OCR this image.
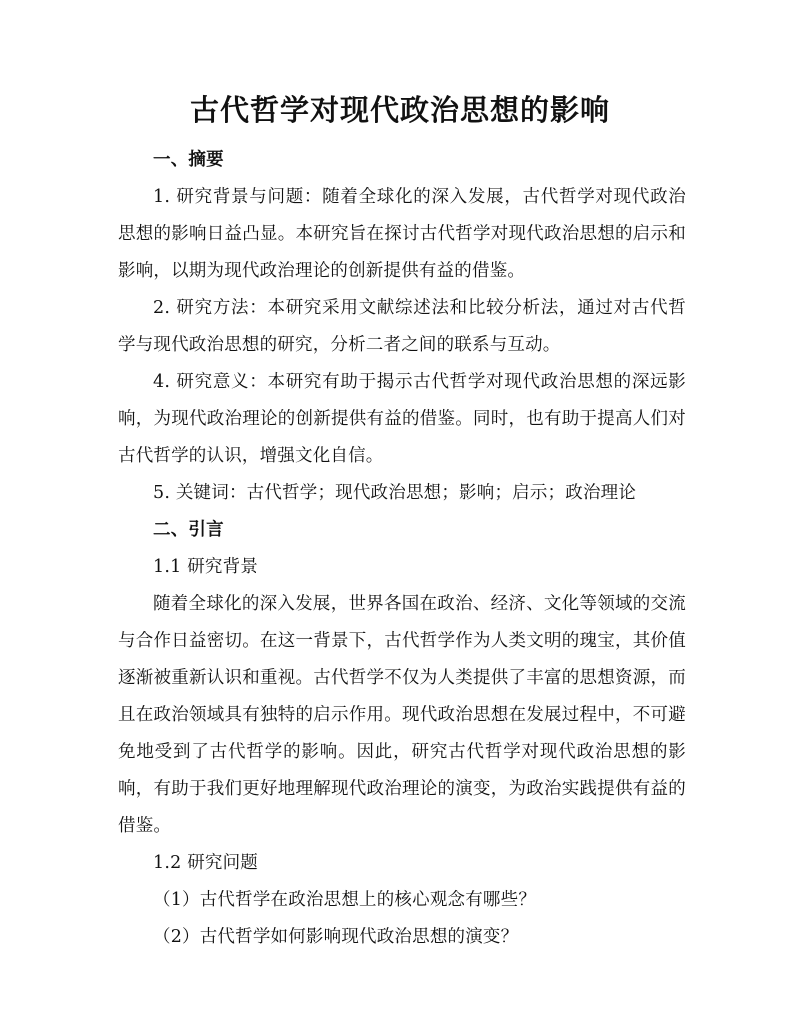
古代哲学对现代政治思想的影响

一、摘要

1. 研究背景与问题：随着全球化的深入发展，古代哲学对现代政治思想的影响日益凸显。本研究旨在探讨古代哲学对现代政治思想的启示和影响，以期为现代政治理论的创新提供有益的借鉴。

2. 研究方法：本研究采用文献综述法和比较分析法，通过对古代哲学与现代政治思想的研究，分析二者之间的联系与互动。

4. 研究意义：本研究有助于揭示古代哲学对现代政治思想的深远影响，为现代政治理论的创新提供有益的借鉴。同时，也有助于提高人们对古代哲学的认识，增强文化自信。

5. 关键词：古代哲学；现代政治思想；影响；启示；政治理论

二、引言

1.1 研究背景

随着全球化的深入发展，世界各国在政治、经济、文化等领域的交流与合作日益密切。在这一背景下，古代哲学作为人类文明的瑰宝，其价值逐渐被重新认识和重视。古代哲学不仅为人类提供了丰富的思想资源，而且在政治领域具有独特的启示作用。现代政治思想在发展过程中，不可避免地受到了古代哲学的影响。因此，研究古代哲学对现代政治思想的影响，有助于我们更好地理解现代政治理论的演变，为政治实践提供有益的借鉴。

1.2 研究问题

（1）古代哲学在政治思想上的核心观念有哪些？

（2）古代哲学如何影响现代政治思想的演变？
